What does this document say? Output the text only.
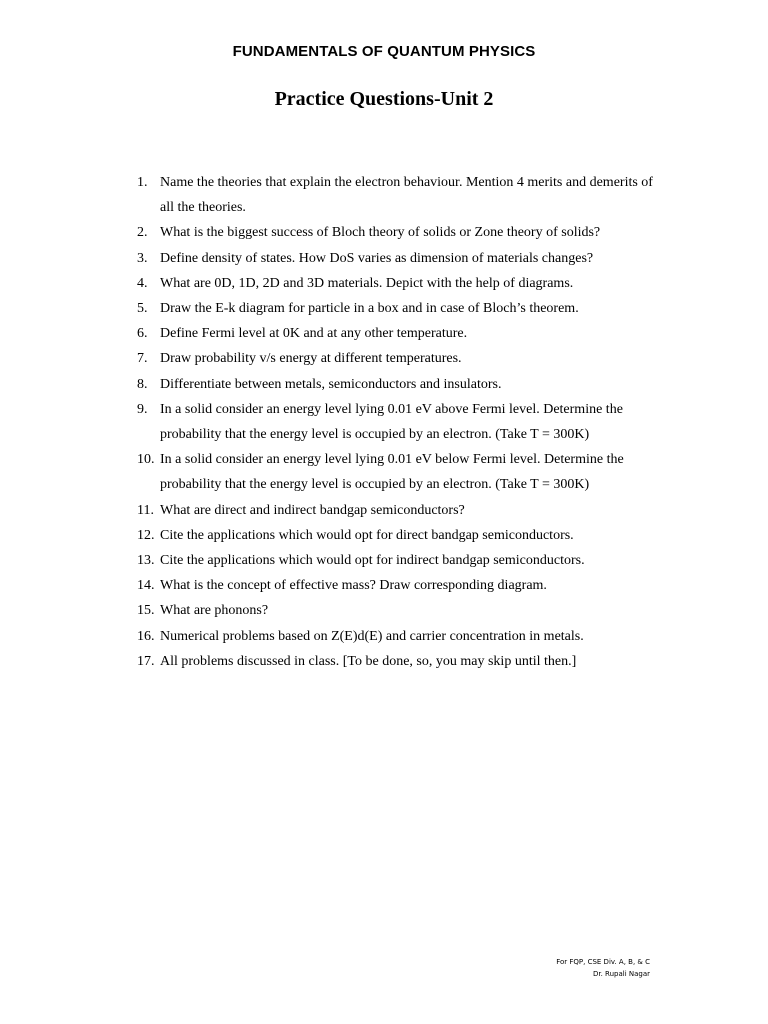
FUNDAMENTALS OF QUANTUM PHYSICS
Practice Questions-Unit 2
1. Name the theories that explain the electron behaviour. Mention 4 merits and demerits of all the theories.
2. What is the biggest success of Bloch theory of solids or Zone theory of solids?
3. Define density of states. How DoS varies as dimension of materials changes?
4. What are 0D, 1D, 2D and 3D materials. Depict with the help of diagrams.
5. Draw the E-k diagram for particle in a box and in case of Bloch’s theorem.
6. Define Fermi level at 0K and at any other temperature.
7. Draw probability v/s energy at different temperatures.
8. Differentiate between metals, semiconductors and insulators.
9. In a solid consider an energy level lying 0.01 eV above Fermi level. Determine the probability that the energy level is occupied by an electron. (Take T = 300K)
10. In a solid consider an energy level lying 0.01 eV below Fermi level. Determine the probability that the energy level is occupied by an electron. (Take T = 300K)
11. What are direct and indirect bandgap semiconductors?
12. Cite the applications which would opt for direct bandgap semiconductors.
13. Cite the applications which would opt for indirect bandgap semiconductors.
14. What is the concept of effective mass? Draw corresponding diagram.
15. What are phonons?
16. Numerical problems based on Z(E)d(E) and carrier concentration in metals.
17. All problems discussed in class. [To be done, so, you may skip until then.]
For FQP, CSE Div. A, B, & C
Dr. Rupali Nagar
